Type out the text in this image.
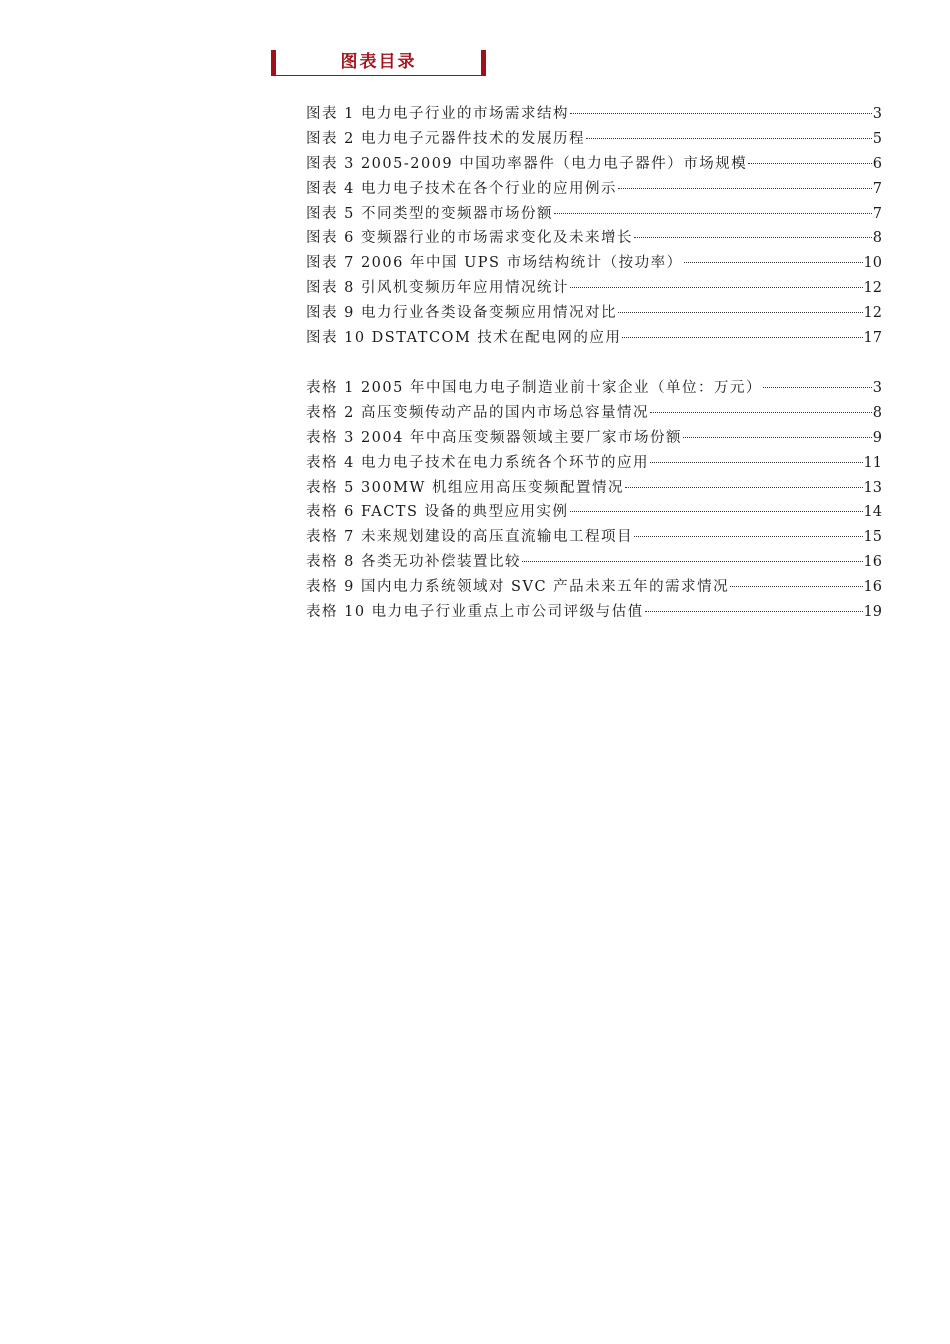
图表目录
图表 1 电力电子行业的市场需求结构	3
图表 2 电力电子元器件技术的发展历程	5
图表 3 2005-2009 中国功率器件（电力电子器件）市场规模	6
图表 4 电力电子技术在各个行业的应用例示	7
图表 5 不同类型的变频器市场份额	7
图表 6 变频器行业的市场需求变化及未来增长	8
图表 7 2006 年中国 UPS 市场结构统计（按功率）	10
图表 8 引风机变频历年应用情况统计	12
图表 9 电力行业各类设备变频应用情况对比	12
图表 10 DSTATCOM 技术在配电网的应用	17
表格 1 2005 年中国电力电子制造业前十家企业（单位：万元）	3
表格 2 高压变频传动产品的国内市场总容量情况	8
表格 3 2004 年中高压变频器领域主要厂家市场份额	9
表格 4 电力电子技术在电力系统各个环节的应用	11
表格 5 300MW 机组应用高压变频配置情况	13
表格 6 FACTS 设备的典型应用实例	14
表格 7 未来规划建设的高压直流输电工程项目	15
表格 8 各类无功补偿装置比较	16
表格 9 国内电力系统领域对 SVC 产品未来五年的需求情况	16
表格 10 电力电子行业重点上市公司评级与估值	19
